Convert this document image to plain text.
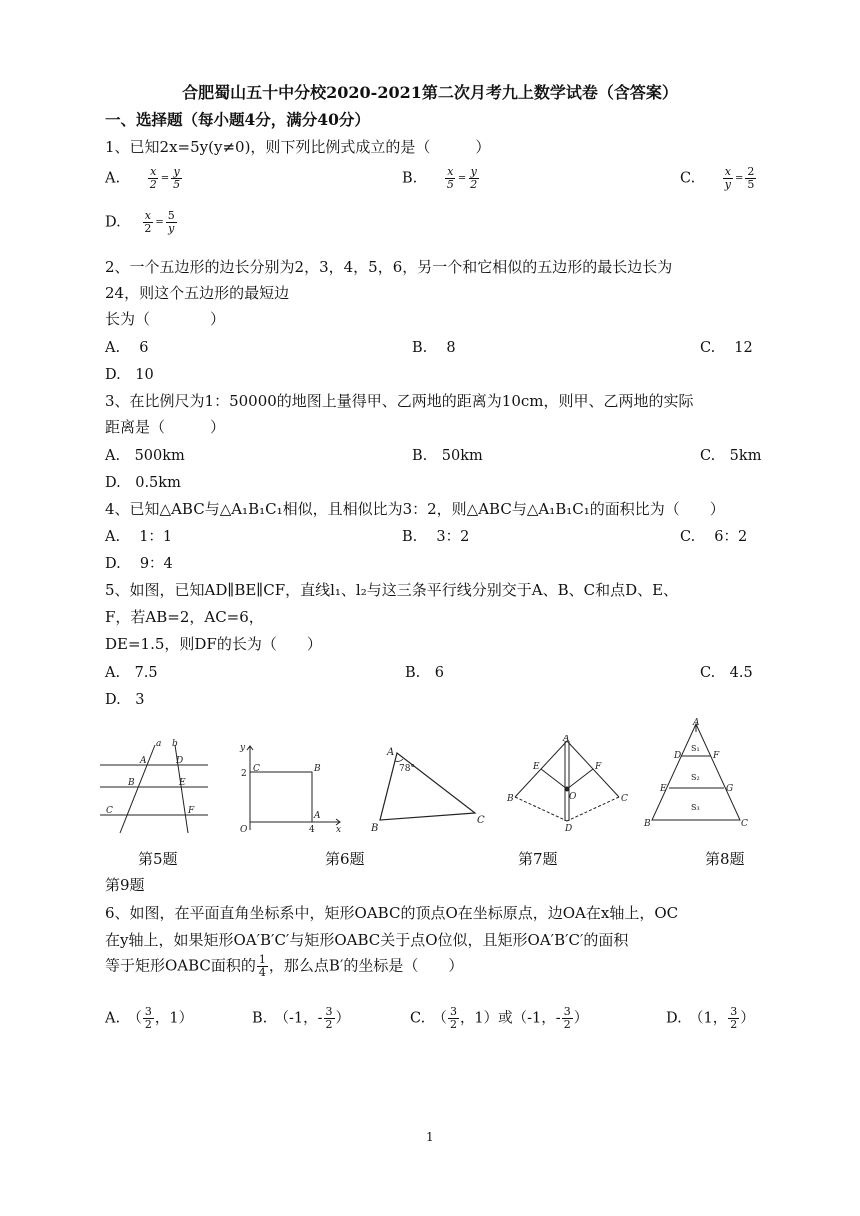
合肥蜀山五十中分校2020-2021第二次月考九上数学试卷（含答案）
一、选择题（每小题4分，满分40分）
1、已知2x=5y(y≠0)，则下列比例式成立的是（　　　）
A.	$\frac{x}{2} = \frac{y}{5}$	B.	$\frac{x}{5} = \frac{y}{2}$	C.	$\frac{x}{y} = \frac{2}{5}$
D. $\frac{x}{2} = \frac{5}{y}$
2、一个五边形的边长分别为2，3，4，5，6，另一个和它相似的五边形的最长边长为
24，则这个五边形的最短边
长为（　　　　）
A.　 6	B.　 8	C.　 12
D.　10
3、在比例尺为1：50000的地图上量得甲、乙两地的距离为10cm，则甲、乙两地的实际
距离是（　　　）
A.　500km	B.　50km	C.　5km
D.　0.5km
4、已知△ABC与△A₁B₁C₁相似，且相似比为3：2，则△ABC与△A₁B₁C₁的面积比为（　　）
A.　 1：1	B.　 3：2	C.　 6：2
D.　 9：4
5、如图，已知AD∥BE∥CF，直线l₁、l₂与这三条平行线分别交于A、B、C和点D、E、
F，若AB=2，AC=6，
DE=1.5，则DF的长为（　　）
A.　7.5	B.　6	C.　4.5
D.　3
a b
A	D
B	E
C	F
y
C	B
2
O
A
4 x
A
78°
B
C
A
E	F
O
B	C
D
A
D	F
E	G
B	C
S₁
S₂
S₃
第5题	第6题	第7题	第8题
第9题
6、如图，在平面直角坐标系中，矩形OABC的顶点O在坐标原点，边OA在x轴上，OC
在y轴上，如果矩形OA′B′C′与矩形OABC关于点O位似，且矩形OA′B′C′的面积
等于矩形OABC面积的 $\frac{1}{4}$ ，那么点B′的坐标是（　　）
A.　（ $\frac{3}{2}$ ，1）	B.　（-1，- $\frac{3}{2}$ ）	C.　（ $\frac{3}{2}$ ，1）或（-1，- $\frac{3}{2}$ ）	D.　（1， $\frac{3}{2}$ ）
1
